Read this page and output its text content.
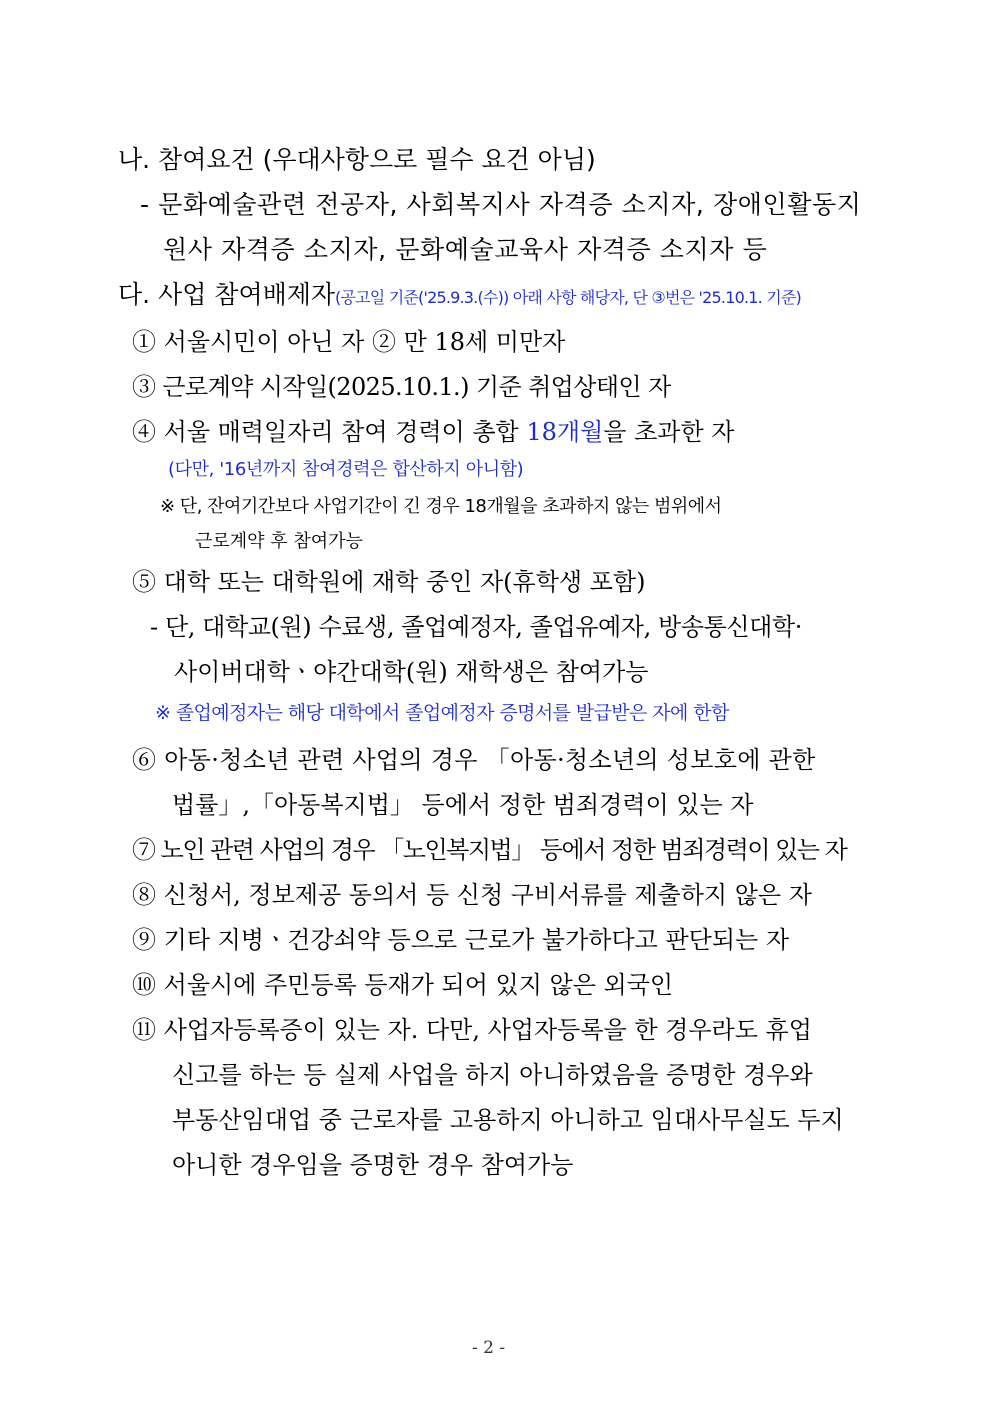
나. 참여요건 (우대사항으로 필수 요건 아님)
- 문화예술관련 전공자, 사회복지사 자격증 소지자, 장애인활동지
원사 자격증 소지자, 문화예술교육사 자격증 소지자 등
다. 사업 참여배제자(공고일 기준('25.9.3.(수)) 아래 사항 해당자, 단 ③번은 '25.10.1. 기준)
① 서울시민이 아닌 자 ② 만 18세 미만자
③ 근로계약 시작일(2025.10.1.) 기준 취업상태인 자
④ 서울 매력일자리 참여 경력이 총합 18개월을 초과한 자
(다만, '16년까지 참여경력은 합산하지 아니함)
※ 단, 잔여기간보다 사업기간이 긴 경우 18개월을 초과하지 않는 범위에서
근로계약 후 참여가능
⑤ 대학 또는 대학원에 재학 중인 자(휴학생 포함)
- 단, 대학교(원) 수료생, 졸업예정자, 졸업유예자, 방송통신대학·
사이버대학ㆍ야간대학(원) 재학생은 참여가능
※ 졸업예정자는 해당 대학에서 졸업예정자 증명서를 발급받은 자에 한함
⑥ 아동·청소년 관련 사업의 경우 「아동·청소년의 성보호에 관한
법률」,「아동복지법」 등에서 정한 범죄경력이 있는 자
⑦ 노인 관련 사업의 경우 「노인복지법」 등에서 정한 범죄경력이 있는 자
⑧ 신청서, 정보제공 동의서 등 신청 구비서류를 제출하지 않은 자
⑨ 기타 지병ㆍ건강쇠약 등으로 근로가 불가하다고 판단되는 자
⑩ 서울시에 주민등록 등재가 되어 있지 않은 외국인
⑪ 사업자등록증이 있는 자. 다만, 사업자등록을 한 경우라도 휴업
신고를 하는 등 실제 사업을 하지 아니하였음을 증명한 경우와
부동산임대업 중 근로자를 고용하지 아니하고 임대사무실도 두지
아니한 경우임을 증명한 경우 참여가능
- 2 -
